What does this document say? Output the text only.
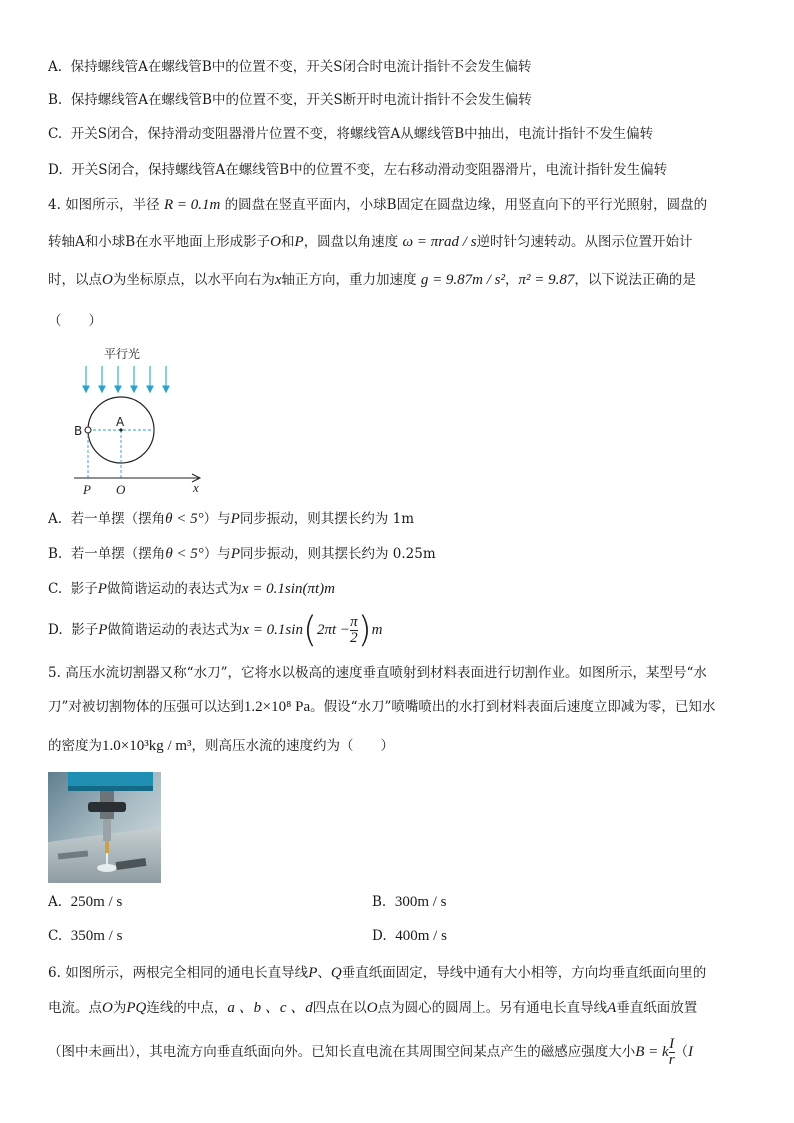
A. 保持螺线管A在螺线管B中的位置不变，开关S闭合时电流计指针不会发生偏转
B. 保持螺线管A在螺线管B中的位置不变，开关S断开时电流计指针不会发生偏转
C. 开关S闭合，保持滑动变阻器滑片位置不变，将螺线管A从螺线管B中抽出，电流计指针不发生偏转
D. 开关S闭合，保持螺线管A在螺线管B中的位置不变，左右移动滑动变阻器滑片，电流计指针发生偏转
4. 如图所示，半径 R = 0.1m 的圆盘在竖直平面内，小球B固定在圆盘边缘，用竖直向下的平行光照射，圆盘的
转轴A和小球B在水平地面上形成影子O和P，圆盘以角速度 ω = πrad / s逆时针匀速转动。从图示位置开始计
时，以点O为坐标原点，以水平向右为x轴正方向，重力加速度 g = 9.87m / s²，π² = 9.87，以下说法正确的是
（　　）
平行光
A
B
P O	x
A. 若一单摆（摆角θ < 5°）与P同步振动，则其摆长约为 1m
B. 若一单摆（摆角θ < 5°）与P同步振动，则其摆长约为 0.25m
C. 影子P做简谐运动的表达式为x = 0.1sin(πt)m
D. 影子P做简谐运动的表达式为$x = 0.1\sin(2\pi t - \frac{\pi}{2} )m$
5. 高压水流切割器又称“水刀”，它将水以极高的速度垂直喷射到材料表面进行切割作业。如图所示，某型号“水
刀”对被切割物体的压强可以达到1.2×10⁸ Pa。假设“水刀”喷嘴喷出的水打到材料表面后速度立即减为零，已知水
的密度为1.0×10³kg / m³，则高压水流的速度约为（　　）
A. 250m / s	B. 300m / s
C. 350m / s	D. 400m / s
6. 如图所示，两根完全相同的通电长直导线P、Q垂直纸面固定，导线中通有大小相等，方向均垂直纸面向里的
电流。点O为PQ连线的中点，a 、b 、c 、d四点在以O点为圆心的圆周上。另有通电长直导线A垂直纸面放置
（图中未画出），其电流方向垂直纸面向外。已知长直电流在其周围空间某点产生的磁感应强度大小B = k $\frac{I}{r} (I$
